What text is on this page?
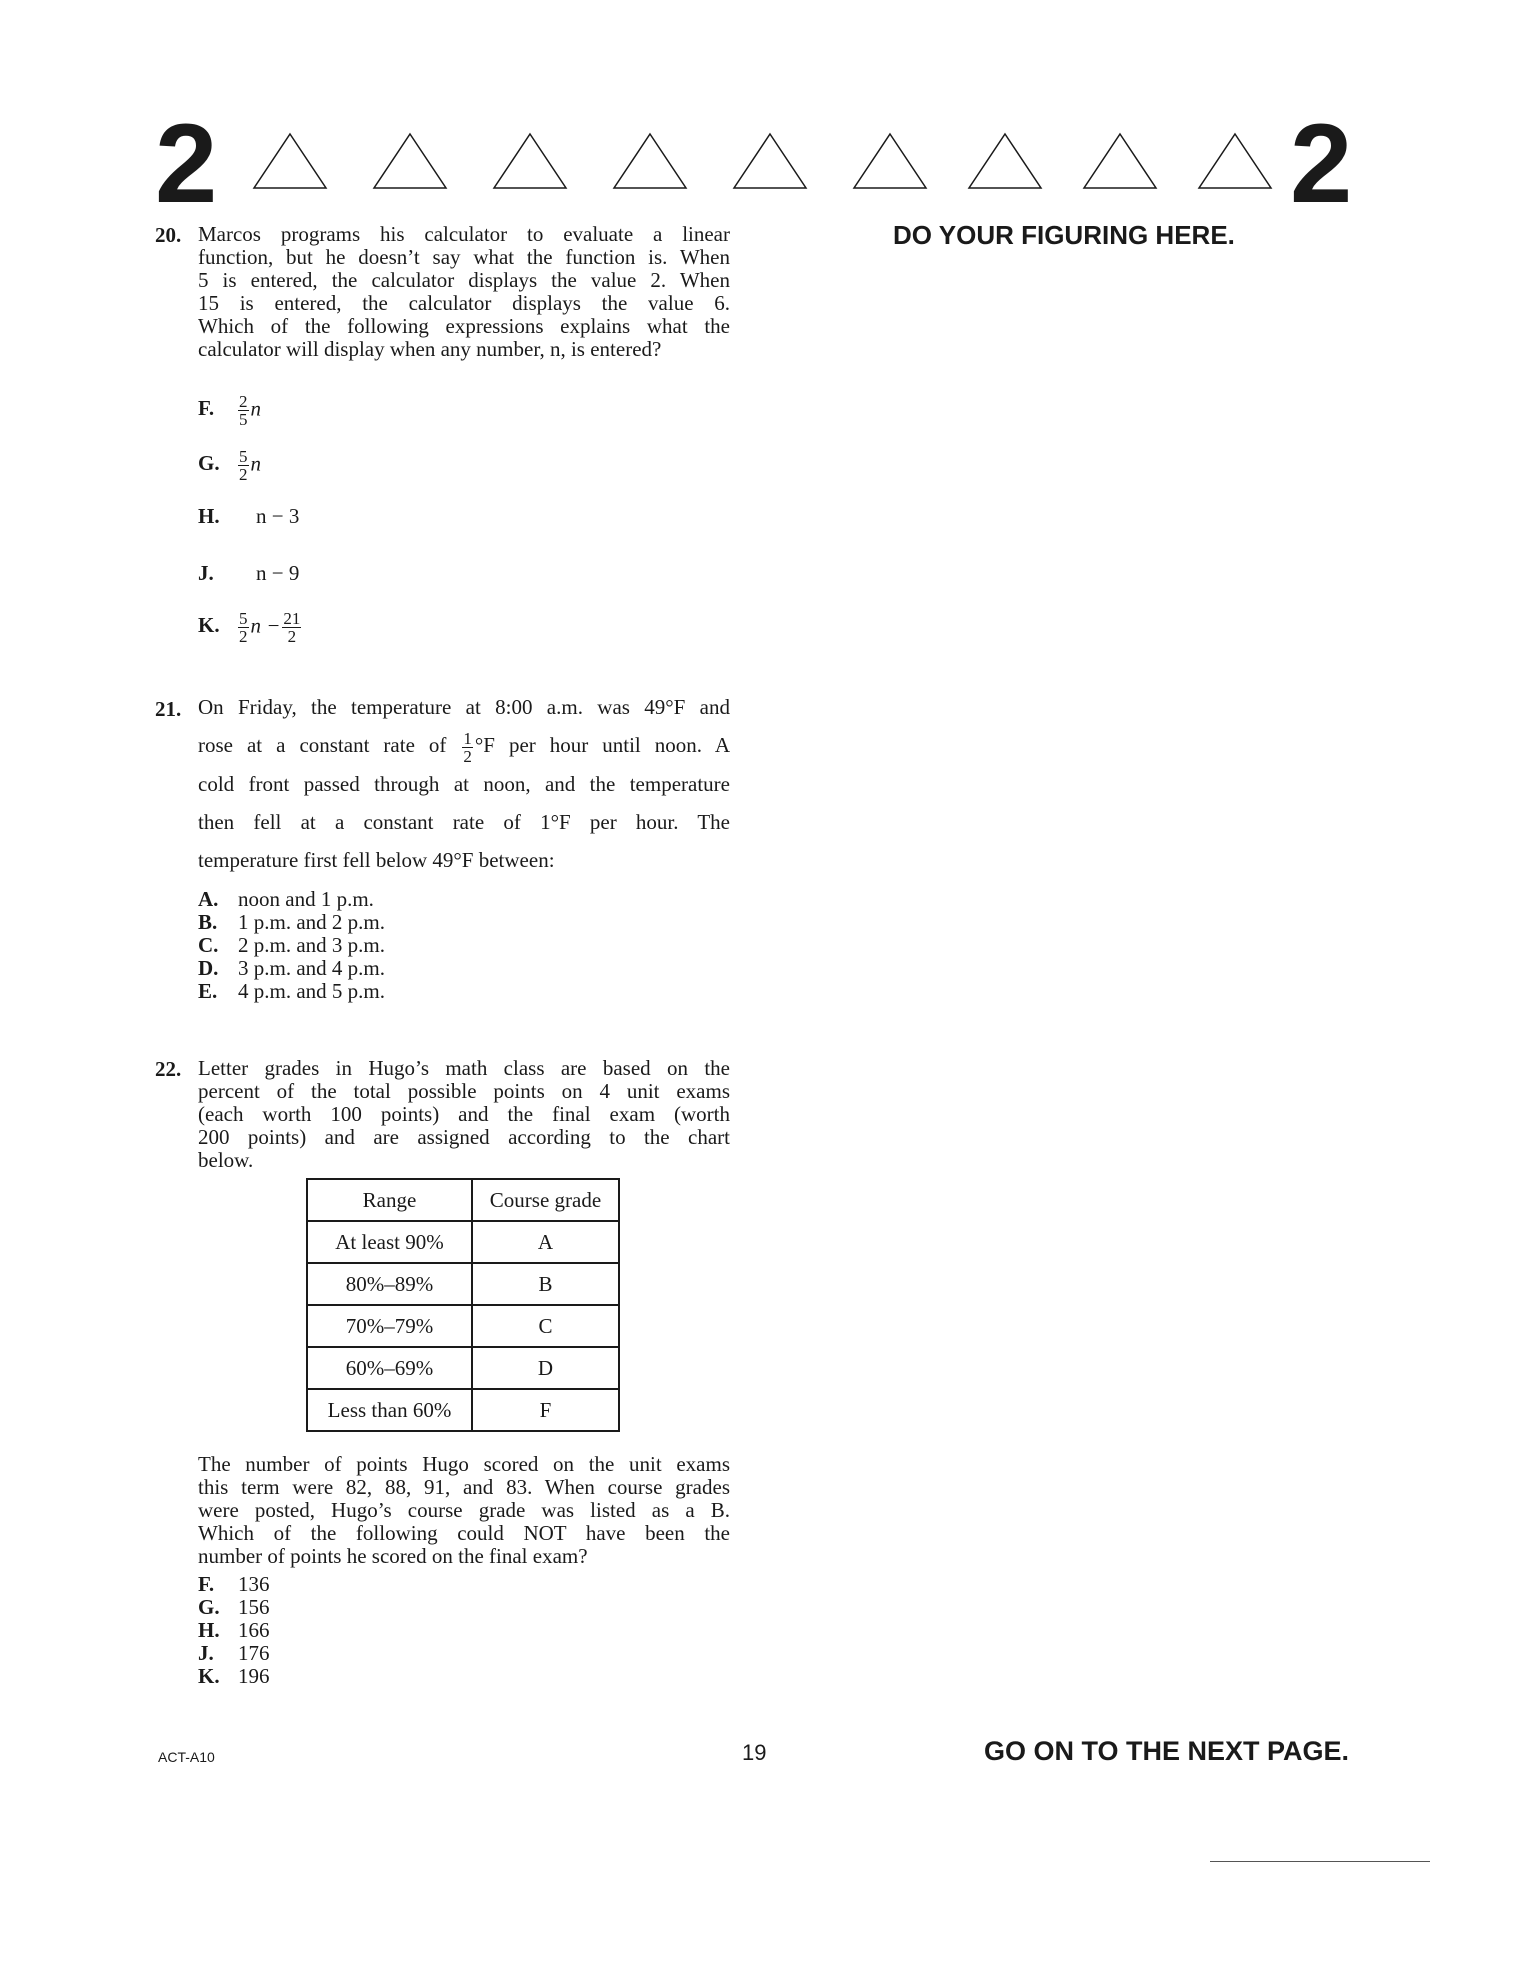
2	2
DO YOUR FIGURING HERE.
20. Marcos programs his calculator to evaluate a linear
function, but he doesn’t say what the function is. When
5 is entered, the calculator displays the value 2. When
15 is entered, the calculator displays the value 6.
Which of the following expressions explains what the
calculator will display when any number, n, is entered?
F. $\frac{2}{5}$ n
G. $\frac{5}{2}$ n
H. n − 3
J. n − 9
K. $\frac{5}{2}$ $n - \frac{21}{2}$
21. On Friday, the temperature at 8:00 a.m. was 49°F and
rose at a constant rate of $\frac{1}{2} ^\circ F$ per hour until noon. A
cold front passed through at noon, and the temperature
then fell at a constant rate of 1°F per hour. The
temperature first fell below 49°F between:
A. noon and 1 p.m.
B. 1 p.m. and 2 p.m.
C. 2 p.m. and 3 p.m.
D. 3 p.m. and 4 p.m.
E. 4 p.m. and 5 p.m.
22. Letter grades in Hugo’s math class are based on the
percent of the total possible points on 4 unit exams
(each worth 100 points) and the final exam (worth
200 points) and are assigned according to the chart
below.
Range	Course grade
At least 90%	A
80%–89%	B
70%–79%	C
60%–69%	D
Less than 60%	F
The number of points Hugo scored on the unit exams
this term were 82, 88, 91, and 83. When course grades
were posted, Hugo’s course grade was listed as a B.
Which of the following could NOT have been the
number of points he scored on the final exam?
F. 136
G. 156
H. 166
J. 176
K. 196
ACT-A10	19	GO ON TO THE NEXT PAGE.
